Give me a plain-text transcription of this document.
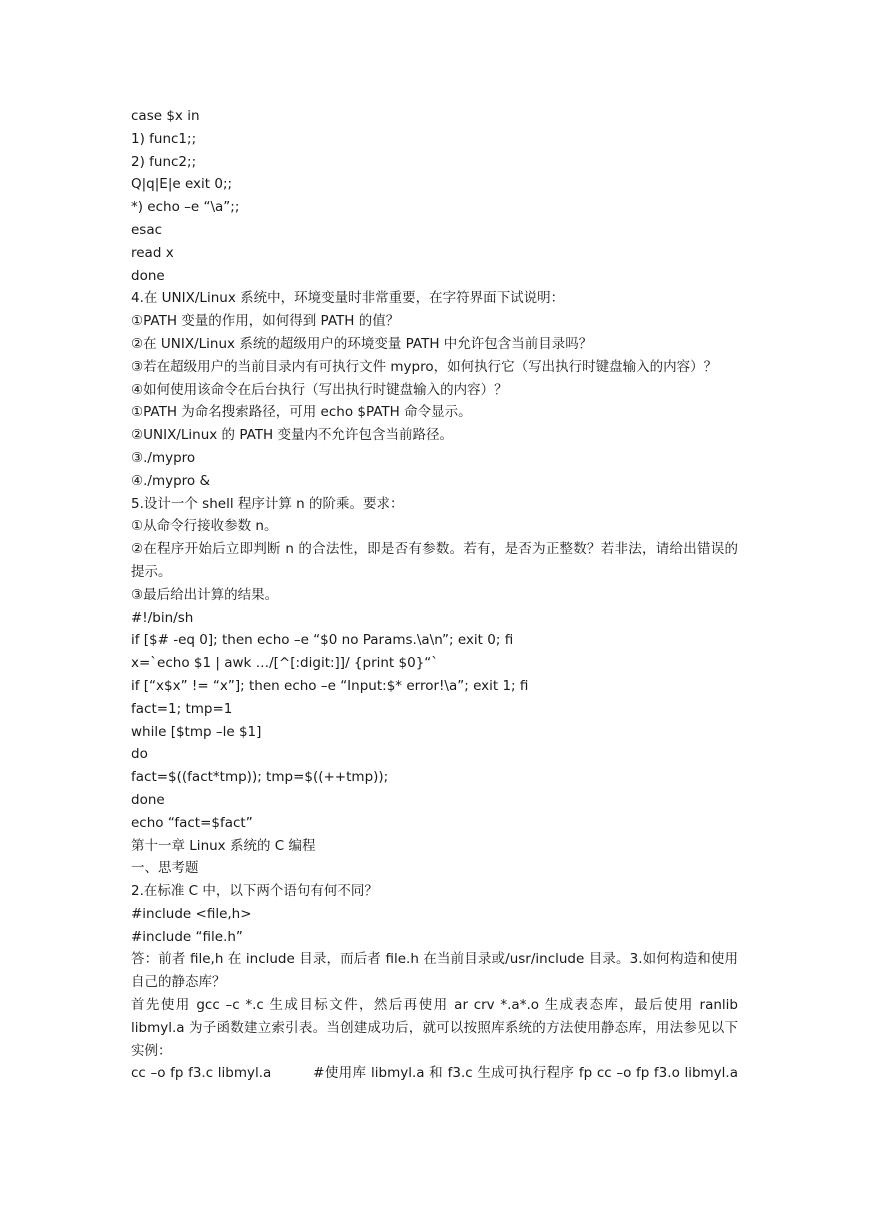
case $x in
1) func1;;
2) func2;;
Q|q|E|e exit 0;;
*) echo –e “\a”;;
esac
read x
done
4.在 UNIX/Linux 系统中，环境变量时非常重要，在字符界面下试说明：
①PATH 变量的作用，如何得到 PATH 的值？
②在 UNIX/Linux 系统的超级用户的环境变量 PATH 中允许包含当前目录吗？
③若在超级用户的当前目录内有可执行文件 mypro，如何执行它（写出执行时键盘输入的内容）？
④如何使用该命令在后台执行（写出执行时键盘输入的内容）？
①PATH 为命名搜索路径，可用 echo $PATH 命令显示。
②UNIX/Linux 的 PATH 变量内不允许包含当前路径。
③./mypro
④./mypro &
5.设计一个 shell 程序计算 n 的阶乘。要求：
①从命令行接收参数 n。
②在程序开始后立即判断 n 的合法性，即是否有参数。若有，是否为正整数？若非法，请给出错误的提示。
③最后给出计算的结果。
#!/bin/sh
if [$# -eq 0]; then echo –e “$0 no Params.\a\n”; exit 0; fi
x=`echo $1 | awk …/[^[:digit:]]/ {print $0}“`
if [“x$x” != “x”]; then echo –e “Input:$* error!\a”; exit 1; fi
fact=1; tmp=1
while [$tmp –le $1]
do
fact=$((fact*tmp)); tmp=$((++tmp));
done
echo “fact=$fact”
第十一章 Linux 系统的 C 编程
一、思考题
2.在标准 C 中，以下两个语句有何不同？
#include <file,h>
#include “file.h”
答：前者 file,h 在 include 目录，而后者 file.h 在当前目录或/usr/include 目录。3.如何构造和使用自己的静态库？
首先使用 gcc –c *.c 生成目标文件，然后再使用 ar crv *.a*.o 生成表态库，最后使用 ranlib libmyl.a 为子函数建立索引表。当创建成功后，就可以按照库系统的方法使用静态库，用法参见以下实例：
cc –o fp f3.c libmyl.a　　　#使用库 libmyl.a 和 f3.c 生成可执行程序 fp cc –o fp f3.o libmyl.a
